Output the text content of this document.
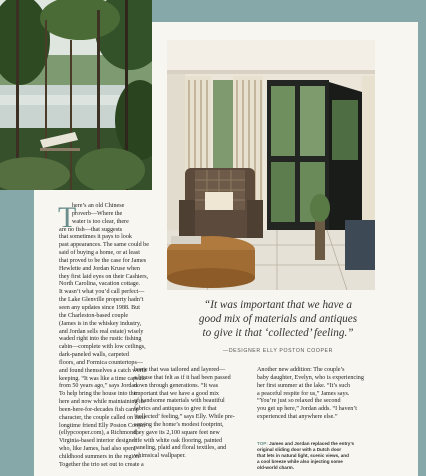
T
here’s an old Chinese
proverb—Where the
water is too clear, there
are no fish—that suggests
that sometimes it pays to look
past appearances. The same could be
said of buying a home, or at least
that proved to be the case for James
Hewlette and Jordan Kruse when
they first laid eyes on their Cashiers,
North Carolina, vacation cottage.
It wasn’t what you’d call perfect—
the Lake Glenville property hadn’t
seen any updates since 1988. But
the Charleston-based couple
(James is in the whiskey industry,
and Jordan sells real estate) wisely
waded right into the rustic fishing
cabin—complete with low ceilings,
dark-paneled walls, carpeted
floors, and Formica countertops—
and found themselves a catch worth
keeping. “It was like a time capsule
from 50 years ago,” says Jordan.
To help bring the house into the
here and now while maintaining its
been-here-for-decades fish camp
character, the couple called on their
longtime friend Elly Poston Cooper
(ellypcooper.com), a Richmond,
Virginia-based interior designer
who, like James, had also spent
childhood summers in the region.
Together the trio set out to create a
“It was important that we have a
good mix of materials and antiques
to give it that ‘collected’ feeling.”
—DESIGNER ELLY POSTON COOPER
home that was tailored and layered—
a house that felt as if it had been passed
down through generations. “It was
important that we have a good mix
of handsome materials with beautiful
fabrics and antiques to give it that
‘collected’ feeling,” says Elly. While pre-
serving the home’s modest footprint,
they gave its 2,100 square feet new
life with white oak flooring, painted
paneling, plaid and floral textiles, and
whimsical wallpaper.
Another new addition: The couple’s
baby daughter, Evelyn, who is experiencing
her first summer at the lake. “It’s such
a peaceful respite for us,” James says.
“You’re just so relaxed the second
you get up here,” Jordan adds. “I haven’t
experienced that anywhere else.”
TOP: James and Jordan replaced the entry’s
original sliding door with a Dutch door
that lets in natural light, scenic views, and
a cool breeze while also injecting some
old-world charm.
